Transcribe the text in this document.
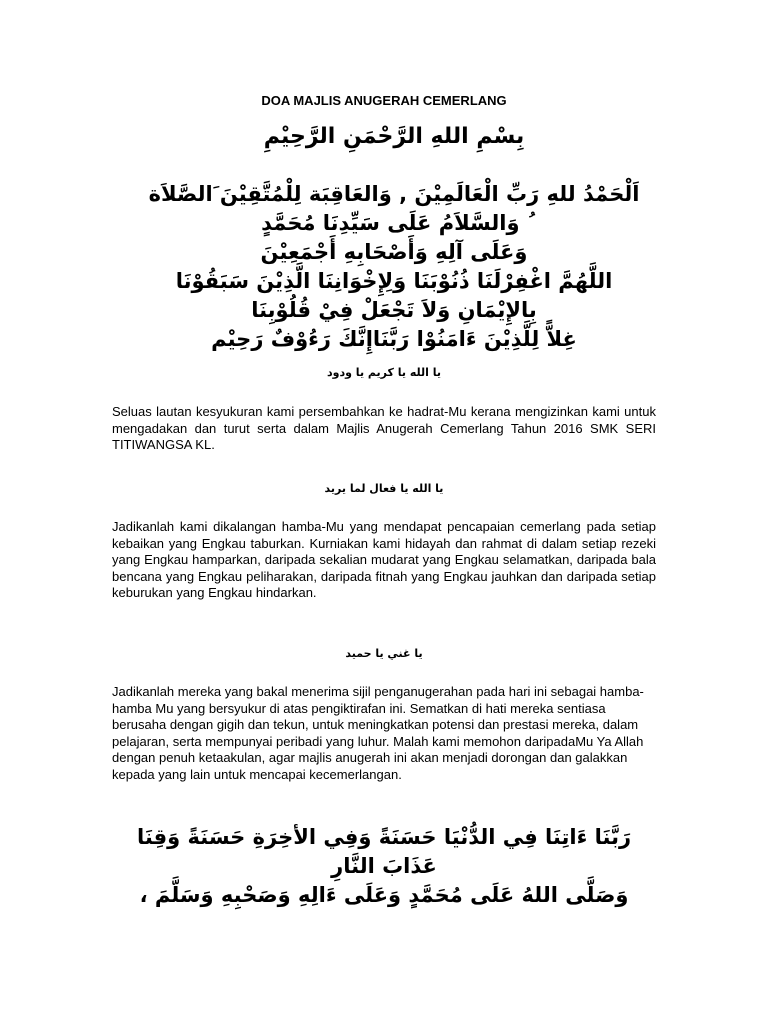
DOA MAJLIS ANUGERAH CEMERLANG
بِسْمِ اللهِ الرَّحْمَنِ الرَّحِيْمِ
اَلْحَمْدُ للهِ رَبِّ الْعَالَمِيْنَ , وَالعَاقِبَة لِلْمُتَّقِيْنَ َالصَّلاَة
ُ وَالسَّلاَمُ عَلَى سَيِّدِنَا مُحَمَّدٍ
وَعَلَى آلِهِ وَأَصْحَابِهِ أَجْمَعِيْنَ
اللَّهُمَّ اغْفِرْلَنَا ذُنُوْبَنَا وَلِإِخْوَانِنَا الَّذِيْنَ سَبَقُوْنَا
بِالإِيْمَانِ وَلاَ تَجْعَلْ فِيْ قُلُوْبِنَا
غِلاًّ لِلَّذِيْنَ ءَامَنُوْا رَبَّنَاإِنَّكَ رَءُوْفٌ رَحِيْم
يا الله يا كريم يا ودود
Seluas lautan kesyukuran kami persembahkan ke hadrat-Mu kerana mengizinkan kami untuk mengadakan dan turut serta dalam Majlis Anugerah Cemerlang Tahun 2016 SMK SERI TITIWANGSA KL.
يا الله يا فعال لما يريد
Jadikanlah kami dikalangan hamba-Mu yang mendapat pencapaian cemerlang pada setiap kebaikan yang Engkau taburkan. Kurniakan kami hidayah dan rahmat di dalam setiap rezeki yang Engkau hamparkan, daripada sekalian mudarat yang Engkau selamatkan, daripada bala bencana yang Engkau peliharakan, daripada fitnah yang Engkau jauhkan dan daripada setiap keburukan yang Engkau hindarkan.
يا غني يا حميد
Jadikanlah mereka yang bakal menerima sijil penganugerahan pada hari ini sebagai hamba-hamba Mu yang bersyukur di atas pengiktirafan ini. Sematkan di hati mereka sentiasa berusaha dengan gigih dan tekun, untuk meningkatkan potensi dan prestasi mereka, dalam pelajaran, serta mempunyai peribadi yang luhur. Malah kami memohon daripadaMu Ya Allah dengan penuh ketaakulan, agar majlis anugerah ini akan menjadi dorongan dan galakkan kepada yang lain untuk mencapai kecemerlangan.
رَبَّنَا ءَاتِنَا فِي الدُّنْيَا حَسَنَةً وَفِي الأخِرَةِ حَسَنَةً وَقِنَا
عَذَابَ النَّارِ
وَصَلَّى اللهُ عَلَى مُحَمَّدٍ وَعَلَى ءَالِهِ وَصَحْبِهِ وَسَلَّمَ ،
